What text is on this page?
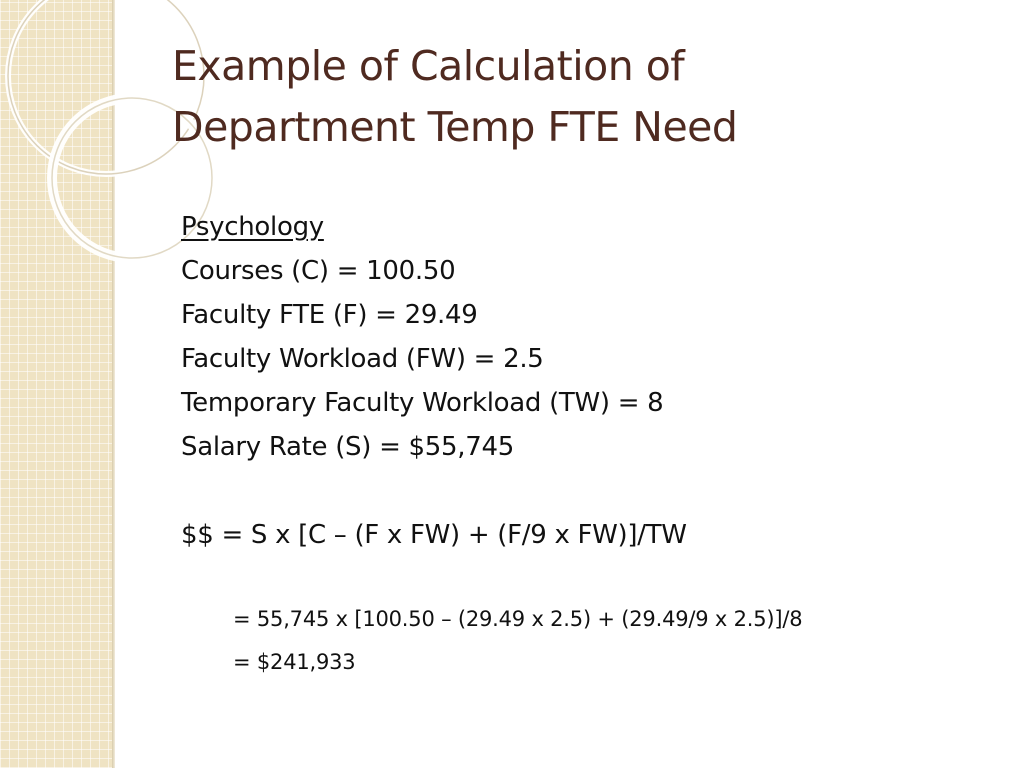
Example of Calculation of
Department Temp FTE Need
Psychology
Courses (C) = 100.50
Faculty FTE (F) = 29.49
Faculty Workload (FW) = 2.5
Temporary Faculty Workload (TW) = 8
Salary Rate (S) = $55,745
$$ = S x [C – (F x FW) + (F/9 x FW)]/TW
= 55,745 x [100.50 – (29.49 x 2.5) + (29.49/9 x 2.5)]/8
= $241,933
